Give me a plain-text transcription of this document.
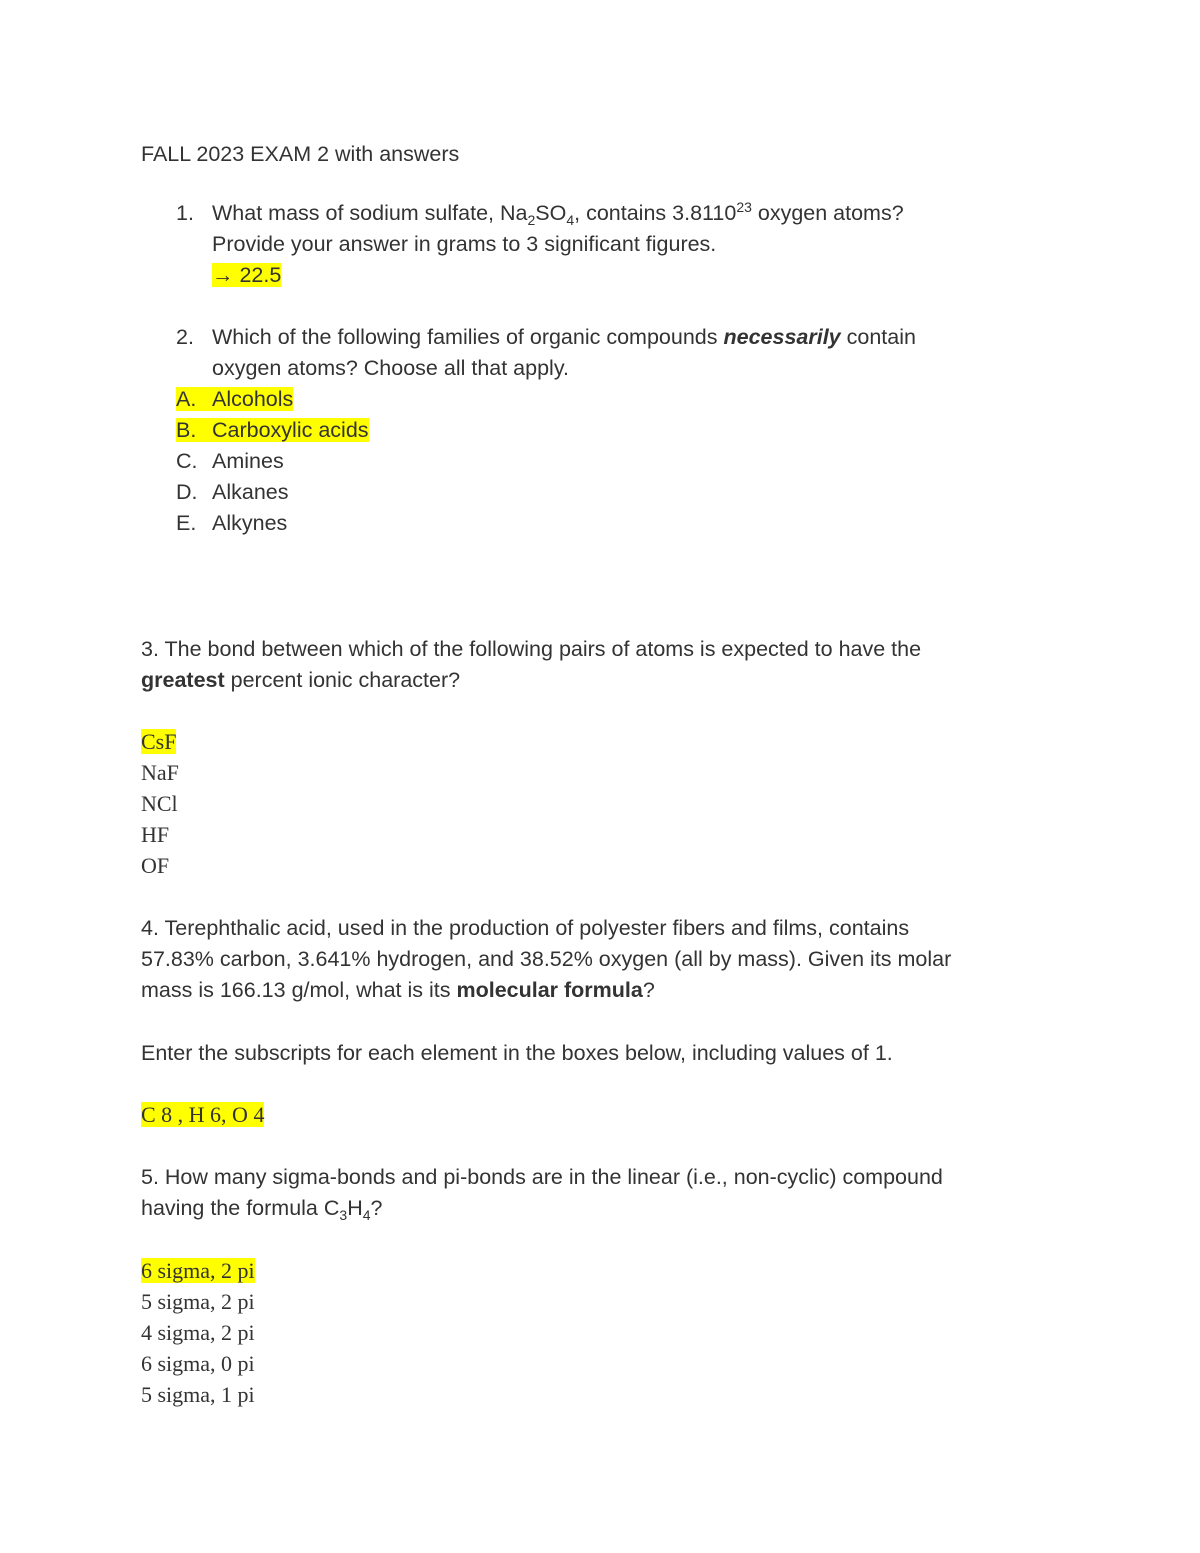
FALL 2023 EXAM 2 with answers
1. What mass of sodium sulfate, $Na_2SO_4$, contains 3.8110$^{23}$ oxygen atoms?
Provide your answer in grams to 3 significant figures.
→ 22.5
2. Which of the following families of organic compounds necessarily contain
oxygen atoms? Choose all that apply.
A. Alcohols
B. Carboxylic acids
C. Amines
D. Alkanes
E. Alkynes
3. The bond between which of the following pairs of atoms is expected to have the
greatest percent ionic character?
CsF
NaF
NCl
HF
OF
4. Terephthalic acid, used in the production of polyester fibers and films, contains
57.83% carbon, 3.641% hydrogen, and 38.52% oxygen (all by mass). Given its molar
mass is 166.13 g/mol, what is its molecular formula?
Enter the subscripts for each element in the boxes below, including values of 1.
C 8 , H 6, O 4
5. How many sigma-bonds and pi-bonds are in the linear (i.e., non-cyclic) compound
having the formula $C_3H_4$?
6 sigma, 2 pi
5 sigma, 2 pi
4 sigma, 2 pi
6 sigma, 0 pi
5 sigma, 1 pi
